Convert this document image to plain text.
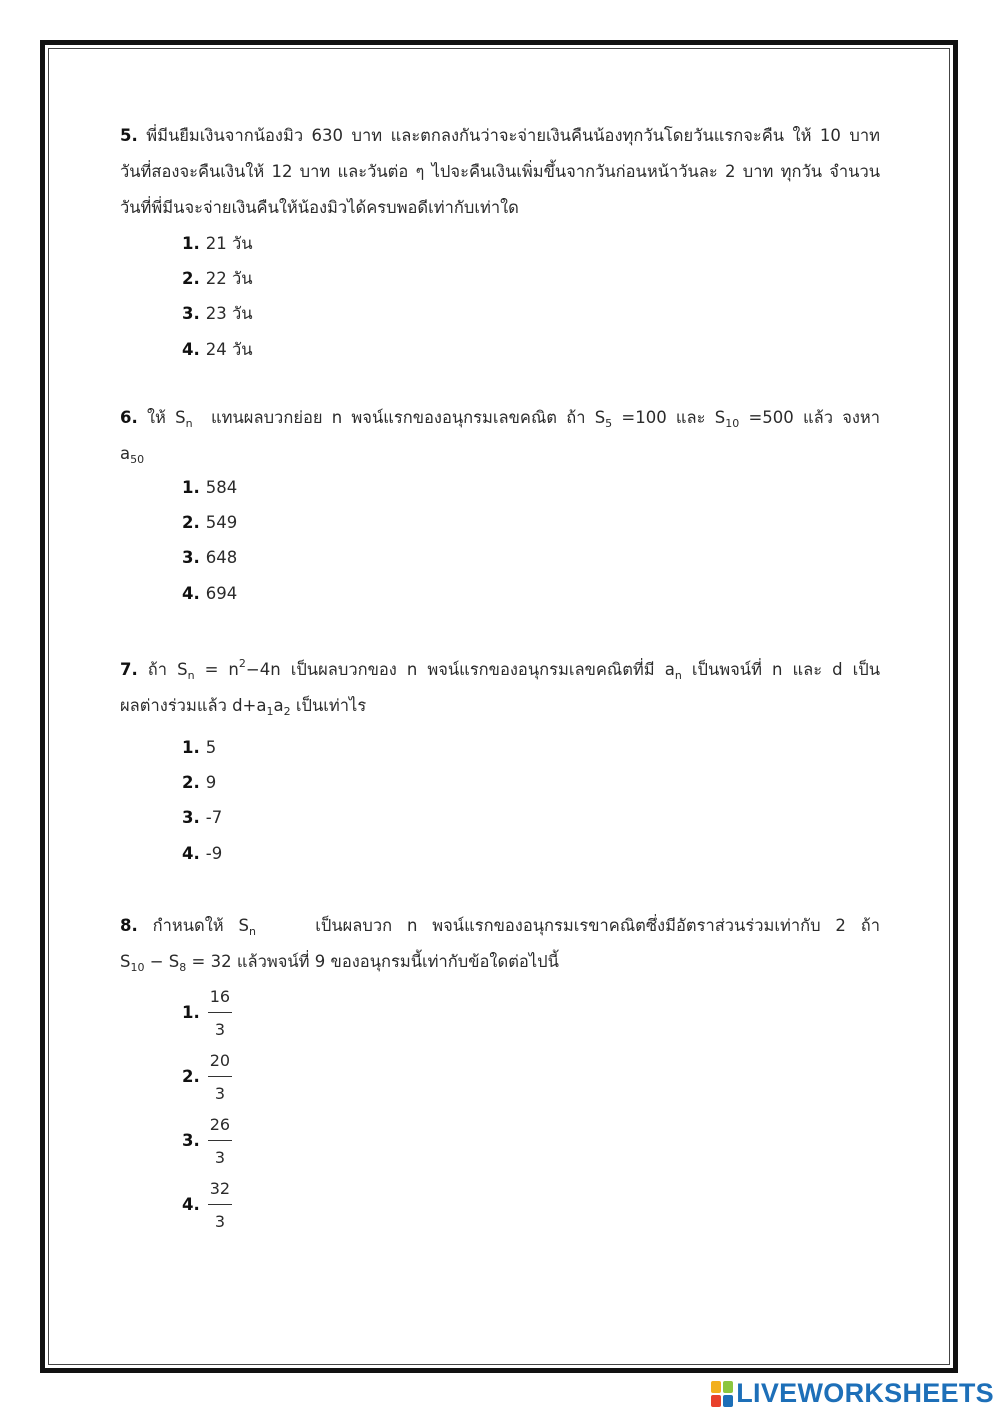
5. พี่มีนยืมเงินจากน้องมิว 630 บาท และตกลงกันว่าจะจ่ายเงินคืนน้องทุกวันโดยวันแรกจะคืน ให้ 10 บาท
วันที่สองจะคืนเงินให้ 12 บาท และวันต่อ ๆ ไปจะคืนเงินเพิ่มขึ้นจากวันก่อนหน้าวันละ 2 บาท ทุกวัน จำนวน
วันที่พี่มีนจะจ่ายเงินคืนให้น้องมิวได้ครบพอดีเท่ากับเท่าใด
1. 21 วัน
2. 22 วัน
3. 23 วัน
4. 24 วัน
6. ให้ $S_n$ แทนผลบวกย่อย n พจน์แรกของอนุกรมเลขคณิต ถ้า $S_5 =100$ และ $S_{10} =500$ แล้ว จงหา
$a_{50}$
1. 584
2. 549
3. 648
4. 694
7. ถ้า $S_n = n^2-4n$ เป็นผลบวกของ n พจน์แรกของอนุกรมเลขคณิตที่มี $a_n$ เป็นพจน์ที่ n และ d เป็น
ผลต่างร่วมแล้ว $d+a_1a_2$ เป็นเท่าไร
1. 5
2. 9
3. -7
4. -9
8. กำหนดให้ $S_n$	เป็นผลบวก n พจน์แรกของอนุกรมเรขาคณิตซึ่งมีอัตราส่วนร่วมเท่ากับ 2 ถ้า
$S_{10} - S_8 = 32$ แล้วพจน์ที่ 9 ของอนุกรมนี้เท่ากับข้อใดต่อไปนี้
1. $\frac{16}{3}$
2. $\frac{20}{3}$
3. $\frac{26}{3}$
4. $\frac{32}{3}$
LIVEWORKSHEETS
